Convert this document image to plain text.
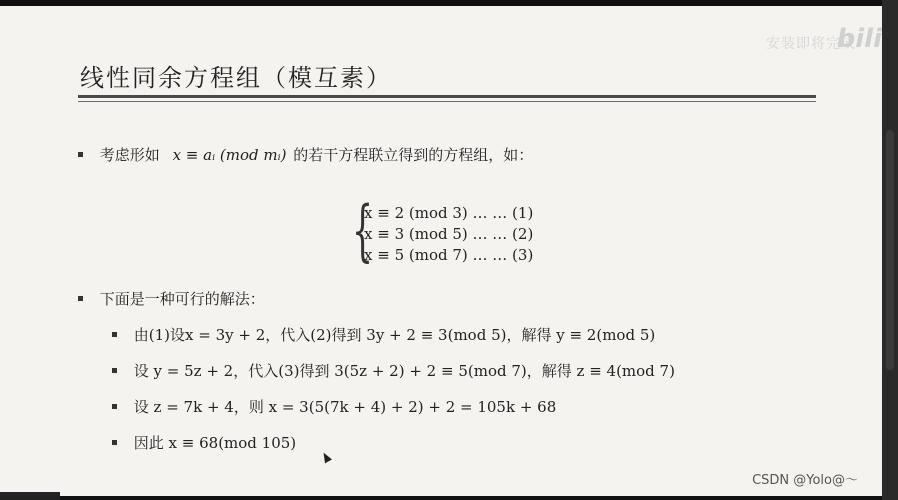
线性同余方程组（模互素）
安装即将完成
bili
考虑形如 x ≡ aᵢ (mod mᵢ) 的若干方程联立得到的方程组，如：
{
x ≡ 2 (mod 3) … … (1)
x ≡ 3 (mod 5) … … (2)
x ≡ 5 (mod 7) … … (3)
下面是一种可行的解法：
由(1)设x = 3y + 2，代入(2)得到 3y + 2 ≡ 3(mod 5)，解得 y ≡ 2(mod 5)
设 y = 5z + 2，代入(3)得到 3(5z + 2) + 2 ≡ 5(mod 7)，解得 z ≡ 4(mod 7)
设 z = 7k + 4，则 x = 3(5(7k + 4) + 2) + 2 = 105k + 68
因此 x ≡ 68(mod 105)
CSDN @Yolo@～
